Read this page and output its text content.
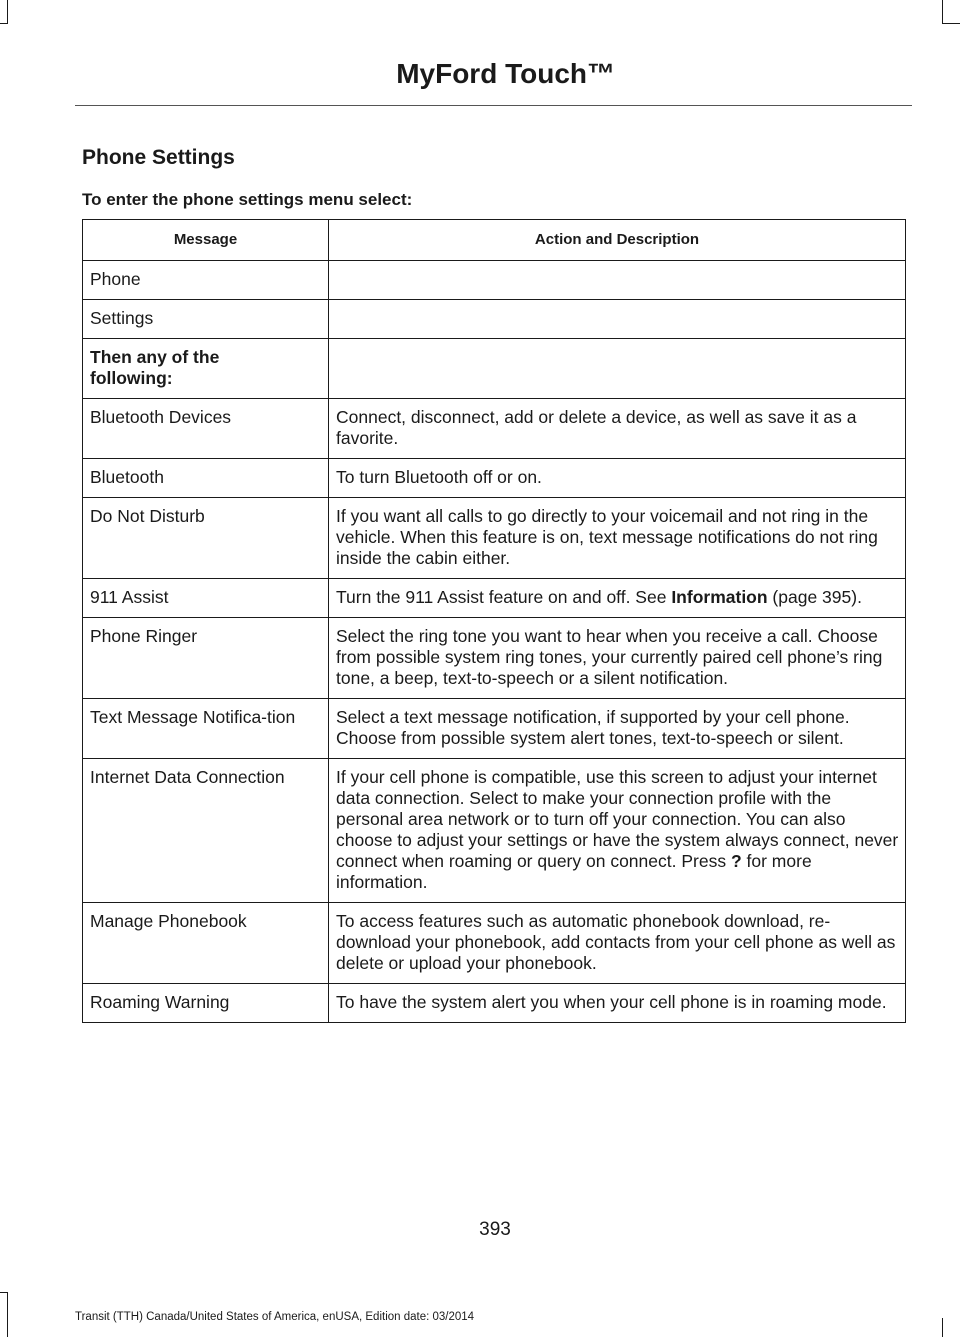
MyFord Touch™
Phone Settings
To enter the phone settings menu select:
Message	Action and Description
Phone	
Settings	
Then any of the following:	
Bluetooth Devices	Connect, disconnect, add or delete a device, as well as save it as a favorite.
Bluetooth	To turn Bluetooth off or on.
Do Not Disturb	If you want all calls to go directly to your voicemail and not ring in the vehicle. When this feature is on, text message notifications do not ring inside the cabin either.
911 Assist	Turn the 911 Assist feature on and off. See Information (page 395).
Phone Ringer	Select the ring tone you want to hear when you receive a call. Choose from possible system ring tones, your currently paired cell phone’s ring tone, a beep, text-to-speech or a silent notification.
Text Message Notifica-tion	Select a text message notification, if supported by your cell phone. Choose from possible system alert tones, text-to-speech or silent.
Internet Data Connection	If your cell phone is compatible, use this screen to adjust your internet data connection. Select to make your connection profile with the personal area network or to turn off your connection. You can also choose to adjust your settings or have the system always connect, never connect when roaming or query on connect. Press ? for more information.
Manage Phonebook	To access features such as automatic phonebook download, re-download your phonebook, add contacts from your cell phone as well as delete or upload your phonebook.
Roaming Warning	To have the system alert you when your cell phone is in roaming mode.
393
Transit (TTH) Canada/United States of America, enUSA, Edition date: 03/2014
